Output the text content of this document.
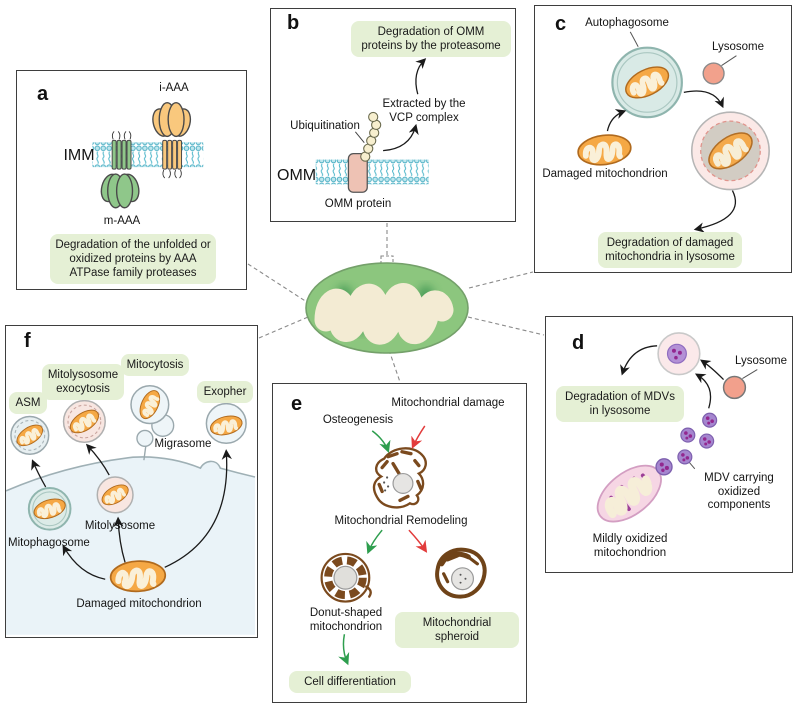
a	i-AAA
IMM
m-AAA
Degradation of the unfolded or oxidized proteins by AAA ATPase family proteases
b	Degradation of OMM proteins by the proteasome
Extracted by the VCP complex
Ubiquitination
OMM
OMM protein
c	Autophagosome
Lysosome
Damaged mitochondrion
Degradation of damaged mitochondria in lysosome
d
Lysosome
Degradation of MDVs in lysosome
MDV carrying oxidized components
Mildly oxidized mitochondrion
e	Mitochondrial damage
Osteogenesis
Mitochondrial Remodeling
Donut-shaped mitochondrion	Mitochondrial spheroid
Cell differentiation
f
ASM
Mitolysosome exocytosis
Mitocytosis
Exopher
Migrasome
Mitophagosome
Mitolysosome
Damaged mitochondrion
